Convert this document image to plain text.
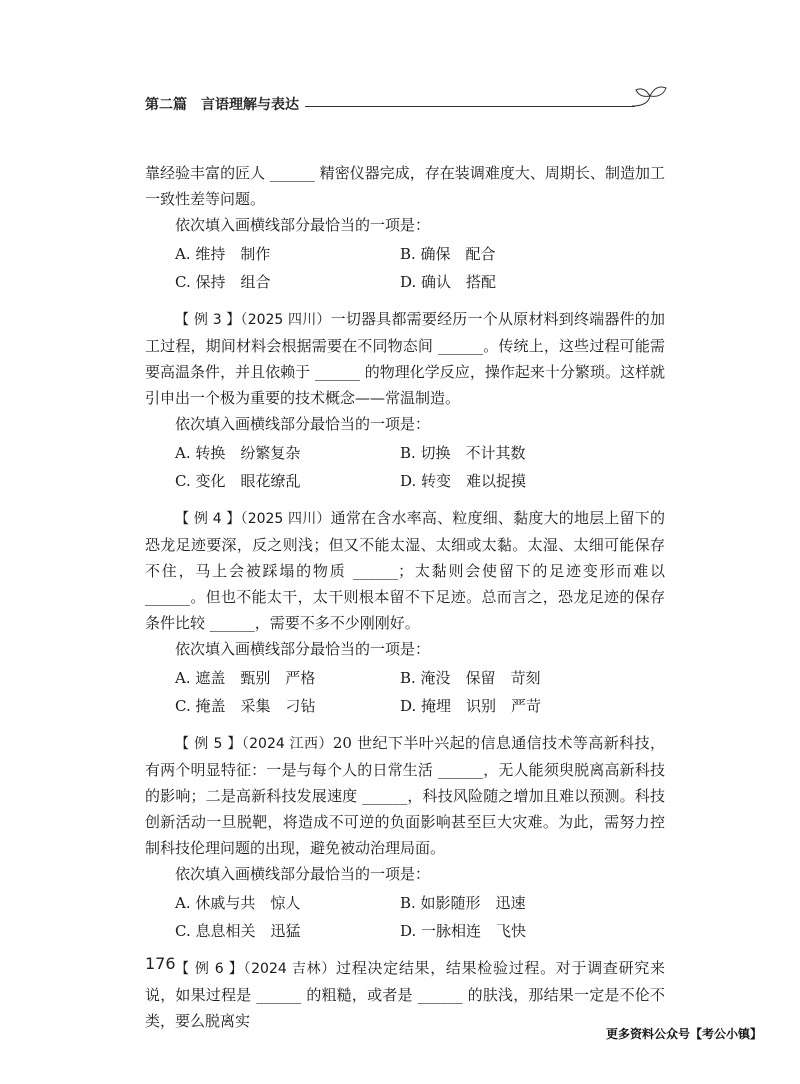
第二篇　言语理解与表达

靠经验丰富的匠人 ______ 精密仪器完成，存在装调难度大、周期长、制造加工一致性差等问题。

依次填入画横线部分最恰当的一项是：

A. 维持　制作	B. 确保　配合
C. 保持　组合	D. 确认　搭配

【 例 3 】（2025 四川）一切器具都需要经历一个从原材料到终端器件的加工过程，期间材料会根据需要在不同物态间 ______。传统上，这些过程可能需要高温条件，并且依赖于 ______ 的物理化学反应，操作起来十分繁琐。这样就引申出一个极为重要的技术概念——常温制造。

依次填入画横线部分最恰当的一项是：

A. 转换　纷繁复杂	B. 切换　不计其数
C. 变化　眼花缭乱	D. 转变　难以捉摸

【 例 4 】（2025 四川）通常在含水率高、粒度细、黏度大的地层上留下的恐龙足迹要深，反之则浅；但又不能太湿、太细或太黏。太湿、太细可能保存不住，马上会被踩塌的物质 ______；太黏则会使留下的足迹变形而难以 ______。但也不能太干，太干则根本留不下足迹。总而言之，恐龙足迹的保存条件比较 ______，需要不多不少刚刚好。

依次填入画横线部分最恰当的一项是：

A. 遮盖　甄别　严格	B. 淹没　保留　苛刻
C. 掩盖　采集　刁钻	D. 掩埋　识别　严苛

【 例 5 】（2024 江西）20 世纪下半叶兴起的信息通信技术等高新科技，有两个明显特征：一是与每个人的日常生活 ______，无人能须臾脱离高新科技的影响；二是高新科技发展速度 ______，科技风险随之增加且难以预测。科技创新活动一旦脱靶，将造成不可逆的负面影响甚至巨大灾难。为此，需努力控制科技伦理问题的出现，避免被动治理局面。

依次填入画横线部分最恰当的一项是：

A. 休戚与共　惊人	B. 如影随形　迅速
C. 息息相关　迅猛	D. 一脉相连　飞快

【 例 6 】（2024 吉林）过程决定结果，结果检验过程。对于调查研究来说，如果过程是 ______ 的粗糙，或者是 ______ 的肤浅，那结果一定是不伦不类，要么脱离实

176
更多资料公众号【考公小镇】
